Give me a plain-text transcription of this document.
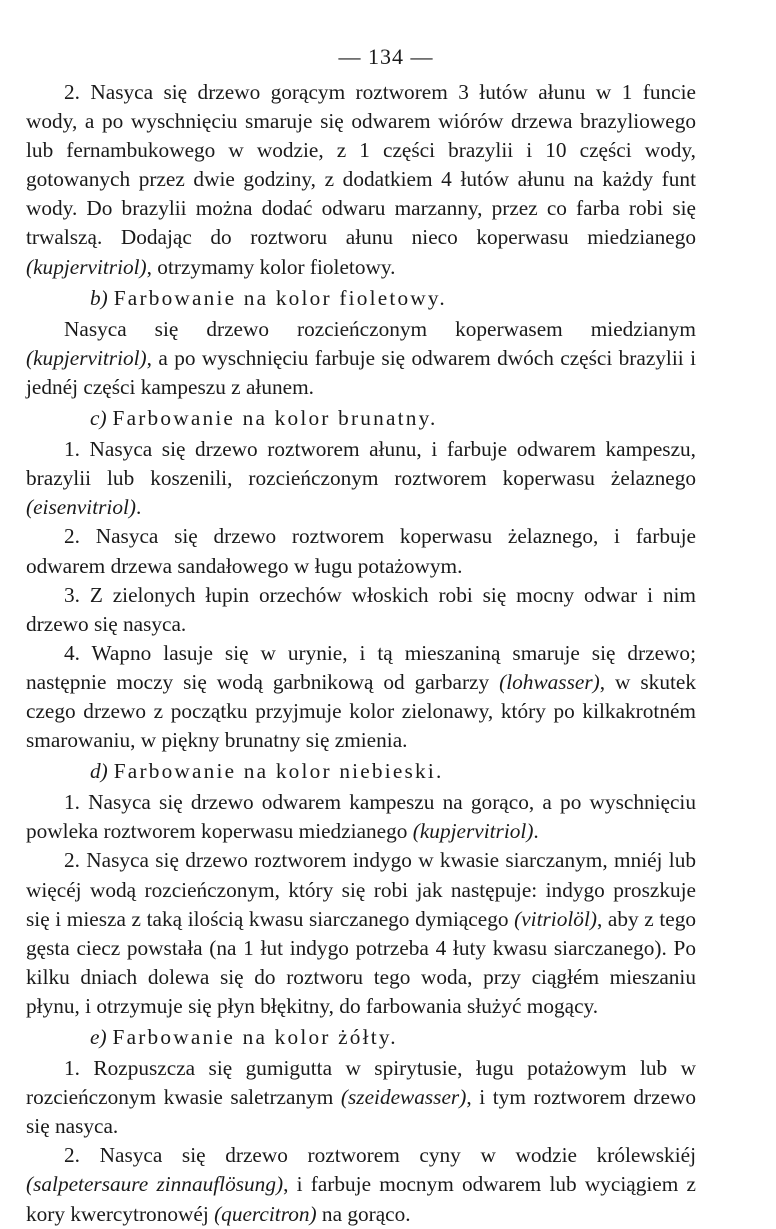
— 134 —

2. Nasyca się drzewo gorącym roztworem 3 łutów ałunu w 1 funcie wody, a po wyschnięciu smaruje się odwarem wiórów drzewa brazyliowego lub fernambukowego w wodzie, z 1 części brazylii i 10 części wody, gotowanych przez dwie godziny, z dodatkiem 4 łutów ałunu na każdy funt wody. Do brazylii można dodać odwaru marzanny, przez co farba robi się trwalszą. Dodając do roztworu ałunu nieco koperwasu miedzianego (kupjervitriol), otrzymamy kolor fioletowy.

b) Farbowanie na kolor fioletowy.

Nasyca się drzewo rozcieńczonym koperwasem miedzianym (kupjervitriol), a po wyschnięciu farbuje się odwarem dwóch części brazylii i jednéj części kampeszu z ałunem.

c) Farbowanie na kolor brunatny.

1. Nasyca się drzewo roztworem ałunu, i farbuje odwarem kampeszu, brazylii lub koszenili, rozcieńczonym roztworem koperwasu żelaznego (eisenvitriol).

2. Nasyca się drzewo roztworem koperwasu żelaznego, i farbuje odwarem drzewa sandałowego w ługu potażowym.

3. Z zielonych łupin orzechów włoskich robi się mocny odwar i nim drzewo się nasyca.

4. Wapno lasuje się w urynie, i tą mieszaniną smaruje się drzewo; następnie moczy się wodą garbnikową od garbarzy (lohwasser), w skutek czego drzewo z początku przyjmuje kolor zielonawy, który po kilkakrotném smarowaniu, w piękny brunatny się zmienia.

d) Farbowanie na kolor niebieski.

1. Nasyca się drzewo odwarem kampeszu na gorąco, a po wyschnięciu powleka roztworem koperwasu miedzianego (kupjervitriol).

2. Nasyca się drzewo roztworem indygo w kwasie siarczanym, mniéj lub więcéj wodą rozcieńczonym, który się robi jak następuje: indygo proszkuje się i miesza z taką ilością kwasu siarczanego dymiącego (vitriolöl), aby z tego gęsta ciecz powstała (na 1 łut indygo potrzeba 4 łuty kwasu siarczanego). Po kilku dniach dolewa się do roztworu tego woda, przy ciągłém mieszaniu płynu, i otrzymuje się płyn błękitny, do farbowania służyć mogący.

e) Farbowanie na kolor żółty.

1. Rozpuszcza się gumigutta w spirytusie, ługu potażowym lub w rozcieńczonym kwasie saletrzanym (szeidewasser), i tym roztworem drzewo się nasyca.

2. Nasyca się drzewo roztworem cyny w wodzie królewskiéj (salpetersaure zinnauflösung), i farbuje mocnym odwarem lub wyciągiem z kory kwercytronowéj (quercitron) na gorąco.
